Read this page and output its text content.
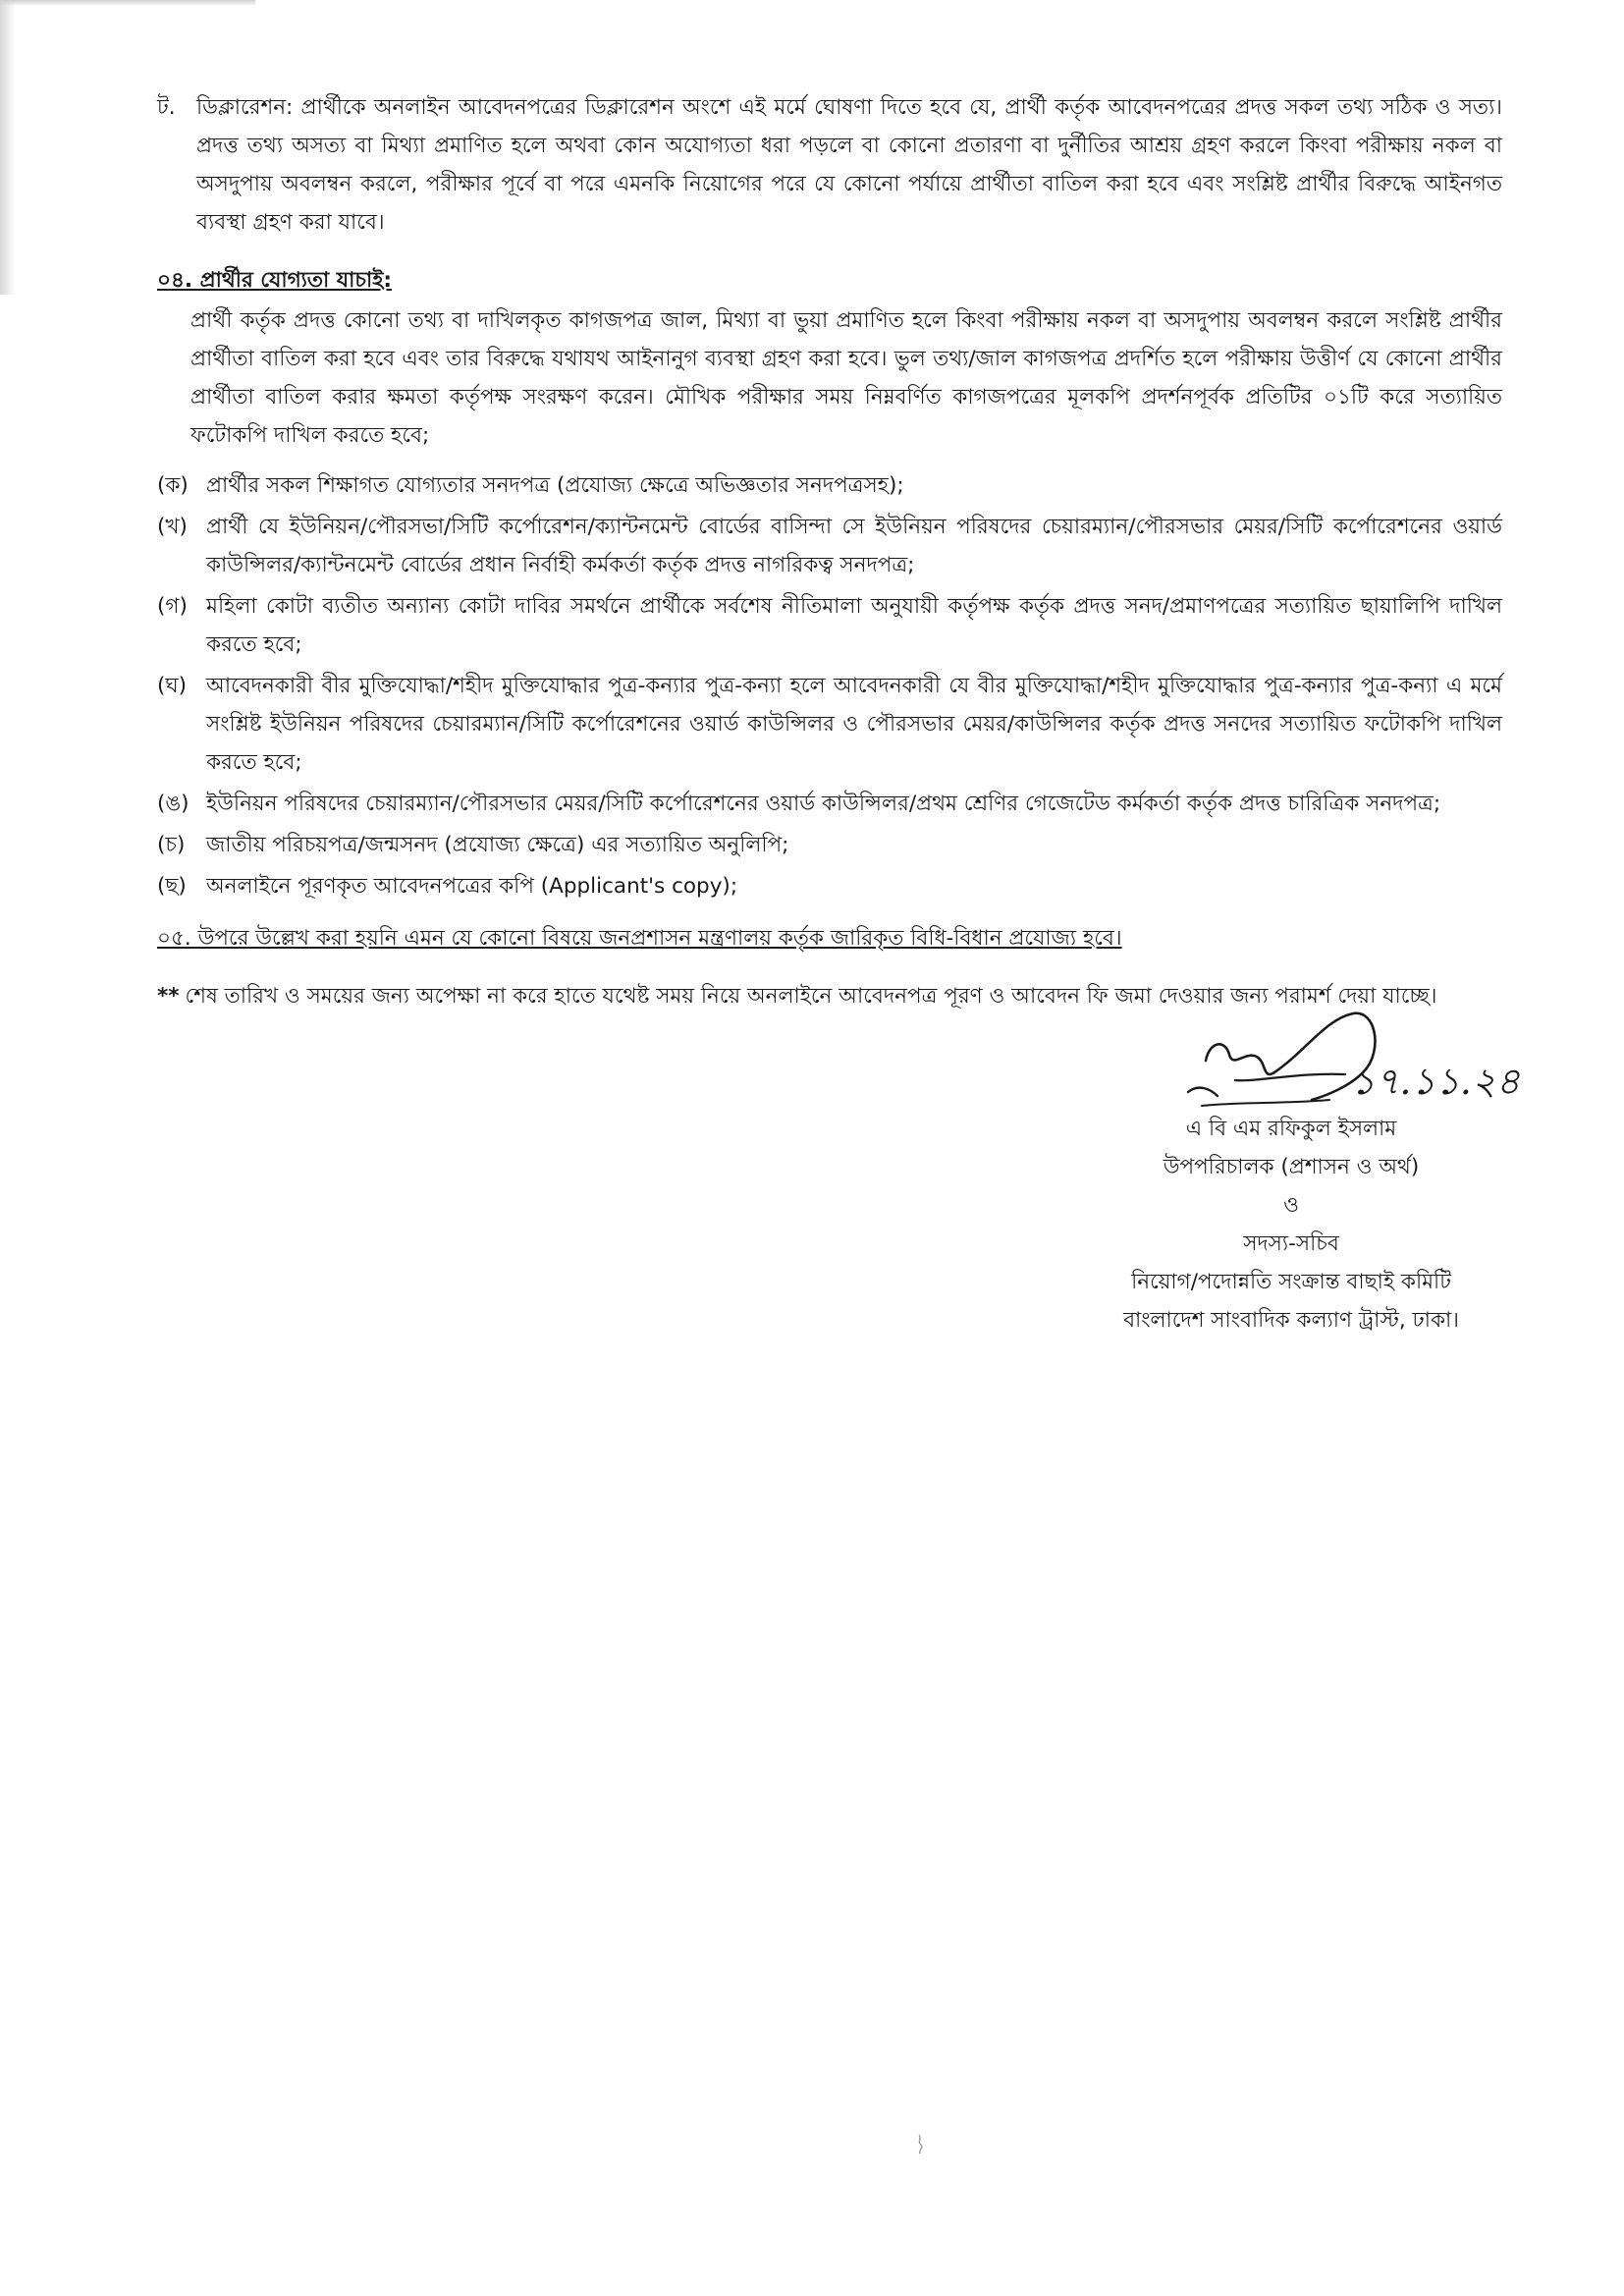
ট. ডিক্লারেশন: প্রার্থীকে অনলাইন আবেদনপত্রের ডিক্লারেশন অংশে এই মর্মে ঘোষণা দিতে হবে যে, প্রার্থী কর্তৃক আবেদনপত্রের প্রদত্ত সকল তথ্য সঠিক ও সত্য। প্রদত্ত তথ্য অসত্য বা মিথ্যা প্রমাণিত হলে অথবা কোন অযোগ্যতা ধরা পড়লে বা কোনো প্রতারণা বা দুর্নীতির আশ্রয় গ্রহণ করলে কিংবা পরীক্ষায় নকল বা অসদুপায় অবলম্বন করলে, পরীক্ষার পূর্বে বা পরে এমনকি নিয়োগের পরে যে কোনো পর্যায়ে প্রার্থীতা বাতিল করা হবে এবং সংশ্লিষ্ট প্রার্থীর বিরুদ্ধে আইনগত ব্যবস্থা গ্রহণ করা যাবে।
০৪. প্রার্থীর যোগ্যতা যাচাই:
প্রার্থী কর্তৃক প্রদত্ত কোনো তথ্য বা দাখিলকৃত কাগজপত্র জাল, মিথ্যা বা ভুয়া প্রমাণিত হলে কিংবা পরীক্ষায় নকল বা অসদুপায় অবলম্বন করলে সংশ্লিষ্ট প্রার্থীর প্রার্থীতা বাতিল করা হবে এবং তার বিরুদ্ধে যথাযথ আইনানুগ ব্যবস্থা গ্রহণ করা হবে। ভুল তথ্য/জাল কাগজপত্র প্রদর্শিত হলে পরীক্ষায় উত্তীর্ণ যে কোনো প্রার্থীর প্রার্থীতা বাতিল করার ক্ষমতা কর্তৃপক্ষ সংরক্ষণ করেন। মৌখিক পরীক্ষার সময় নিম্নবর্ণিত কাগজপত্রের মূলকপি প্রদর্শনপূর্বক প্রতিটির ০১টি করে সত্যায়িত ফটোকপি দাখিল করতে হবে;
(ক) প্রার্থীর সকল শিক্ষাগত যোগ্যতার সনদপত্র (প্রযোজ্য ক্ষেত্রে অভিজ্ঞতার সনদপত্রসহ);
(খ) প্রার্থী যে ইউনিয়ন/পৌরসভা/সিটি কর্পোরেশন/ক্যান্টনমেন্ট বোর্ডের বাসিন্দা সে ইউনিয়ন পরিষদের চেয়ারম্যান/পৌরসভার মেয়র/সিটি কর্পোরেশনের ওয়ার্ড কাউন্সিলর/ক্যান্টনমেন্ট বোর্ডের প্রধান নির্বাহী কর্মকর্তা কর্তৃক প্রদত্ত নাগরিকত্ব সনদপত্র;
(গ) মহিলা কোটা ব্যতীত অন্যান্য কোটা দাবির সমর্থনে প্রার্থীকে সর্বশেষ নীতিমালা অনুযায়ী কর্তৃপক্ষ কর্তৃক প্রদত্ত সনদ/প্রমাণপত্রের সত্যায়িত ছায়ালিপি দাখিল করতে হবে;
(ঘ) আবেদনকারী বীর মুক্তিযোদ্ধা/শহীদ মুক্তিযোদ্ধার পুত্র-কন্যার পুত্র-কন্যা হলে আবেদনকারী যে বীর মুক্তিযোদ্ধা/শহীদ মুক্তিযোদ্ধার পুত্র-কন্যার পুত্র-কন্যা এ মর্মে সংশ্লিষ্ট ইউনিয়ন পরিষদের চেয়ারম্যান/সিটি কর্পোরেশনের ওয়ার্ড কাউন্সিলর ও পৌরসভার মেয়র/কাউন্সিলর কর্তৃক প্রদত্ত সনদের সত্যায়িত ফটোকপি দাখিল করতে হবে;
(ঙ) ইউনিয়ন পরিষদের চেয়ারম্যান/পৌরসভার মেয়র/সিটি কর্পোরেশনের ওয়ার্ড কাউন্সিলর/প্রথম শ্রেণির গেজেটেড কর্মকর্তা কর্তৃক প্রদত্ত চারিত্রিক সনদপত্র;
(চ) জাতীয় পরিচয়পত্র/জন্মসনদ (প্রযোজ্য ক্ষেত্রে) এর সত্যায়িত অনুলিপি;
(ছ) অনলাইনে পূরণকৃত আবেদনপত্রের কপি (Applicant's copy);
০৫. উপরে উল্লেখ করা হয়নি এমন যে কোনো বিষয়ে জনপ্রশাসন মন্ত্রণালয় কর্তৃক জারিকৃত বিধি-বিধান প্রযোজ্য হবে।
** শেষ তারিখ ও সময়ের জন্য অপেক্ষা না করে হাতে যথেষ্ট সময় নিয়ে অনলাইনে আবেদনপত্র পূরণ ও আবেদন ফি জমা দেওয়ার জন্য পরামর্শ দেয়া যাচ্ছে।
১৭.১১.২৪
এ বি এম রফিকুল ইসলাম
উপপরিচালক (প্রশাসন ও অর্থ)
ও
সদস্য-সচিব
নিয়োগ/পদোন্নতি সংক্রান্ত বাছাই কমিটি
বাংলাদেশ সাংবাদিক কল্যাণ ট্রাস্ট, ঢাকা।
